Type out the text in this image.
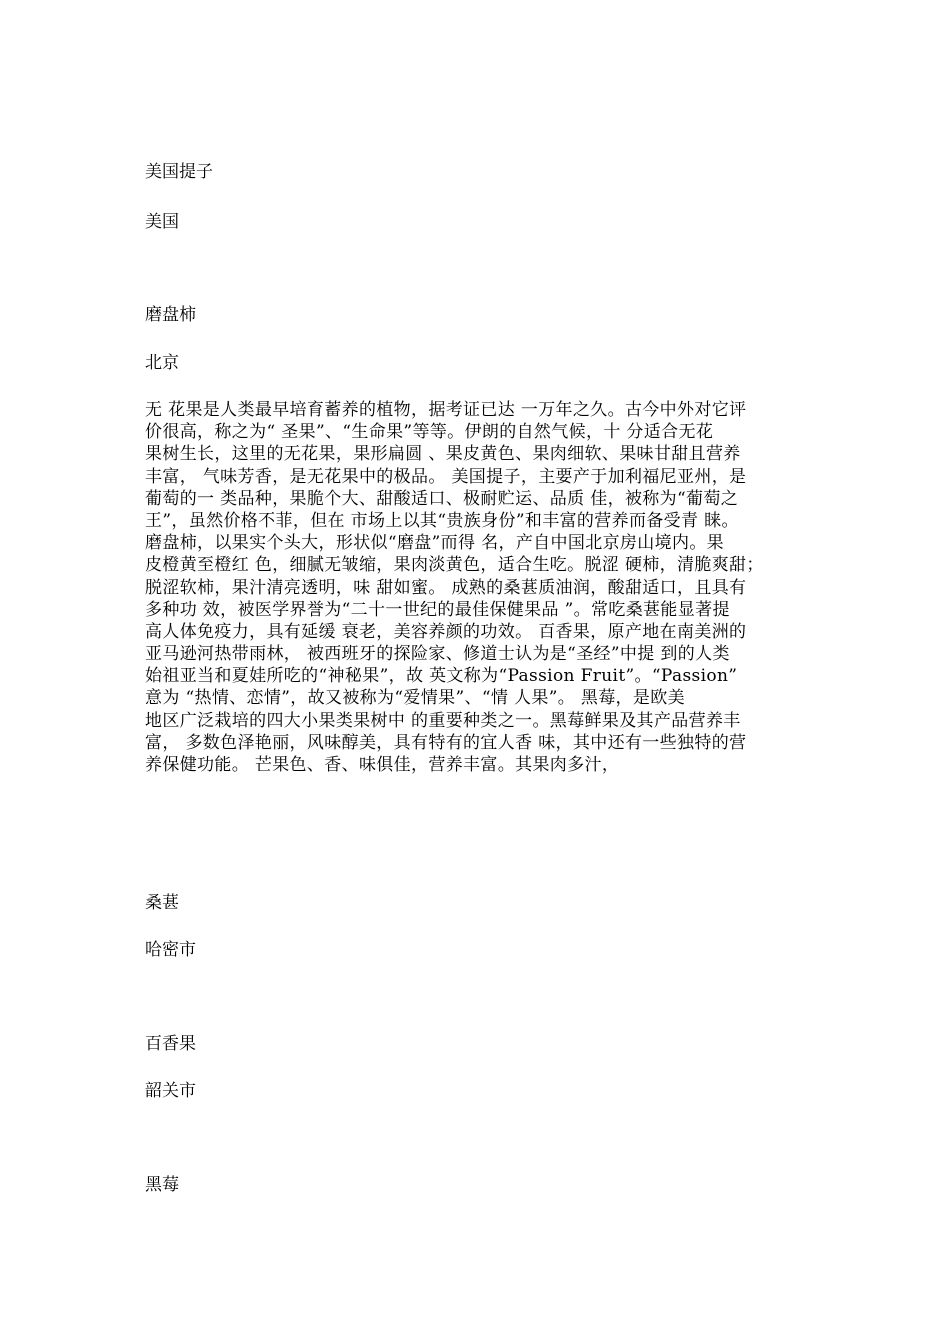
美国提子

美国

磨盘柿

北京

无 花果是人类最早培育蓄养的植物，据考证已达 一万年之久。古今中外对它评
价很高，称之为“ 圣果”、“生命果”等等。伊朗的自然气候，十 分适合无花
果树生长，这里的无花果，果形扁圆 、果皮黄色、果肉细软、果味甘甜且营养
丰富， 气味芳香，是无花果中的极品。 美国提子，主要产于加利福尼亚州，是
葡萄的一 类品种，果脆个大、甜酸适口、极耐贮运、品质 佳，被称为“葡萄之
王”，虽然价格不菲，但在 市场上以其“贵族身份”和丰富的营养而备受青 睐。
磨盘柿，以果实个头大，形状似“磨盘”而得 名，产自中国北京房山境内。果
皮橙黄至橙红 色，细腻无皱缩，果肉淡黄色，适合生吃。脱涩 硬柿，清脆爽甜；
脱涩软柿，果汁清亮透明，味 甜如蜜。 成熟的桑葚质油润，酸甜适口，且具有
多种功 效，被医学界誉为“二十一世纪的最佳保健果品 ”。常吃桑葚能显著提
高人体免疫力，具有延缓 衰老，美容养颜的功效。 百香果，原产地在南美洲的
亚马逊河热带雨林， 被西班牙的探险家、修道士认为是“圣经”中提 到的人类
始祖亚当和夏娃所吃的“神秘果”，故 英文称为“Passion Fruit”。“Passion”
意为 “热情、恋情”，故又被称为“爱情果”、“情 人果”。 黑莓，是欧美
地区广泛栽培的四大小果类果树中 的重要种类之一。黑莓鲜果及其产品营养丰
富， 多数色泽艳丽，风味醇美，具有特有的宜人香 味，其中还有一些独特的营
养保健功能。 芒果色、香、味俱佳，营养丰富。其果肉多汁，

桑葚

哈密市

百香果

韶关市

黑莓
